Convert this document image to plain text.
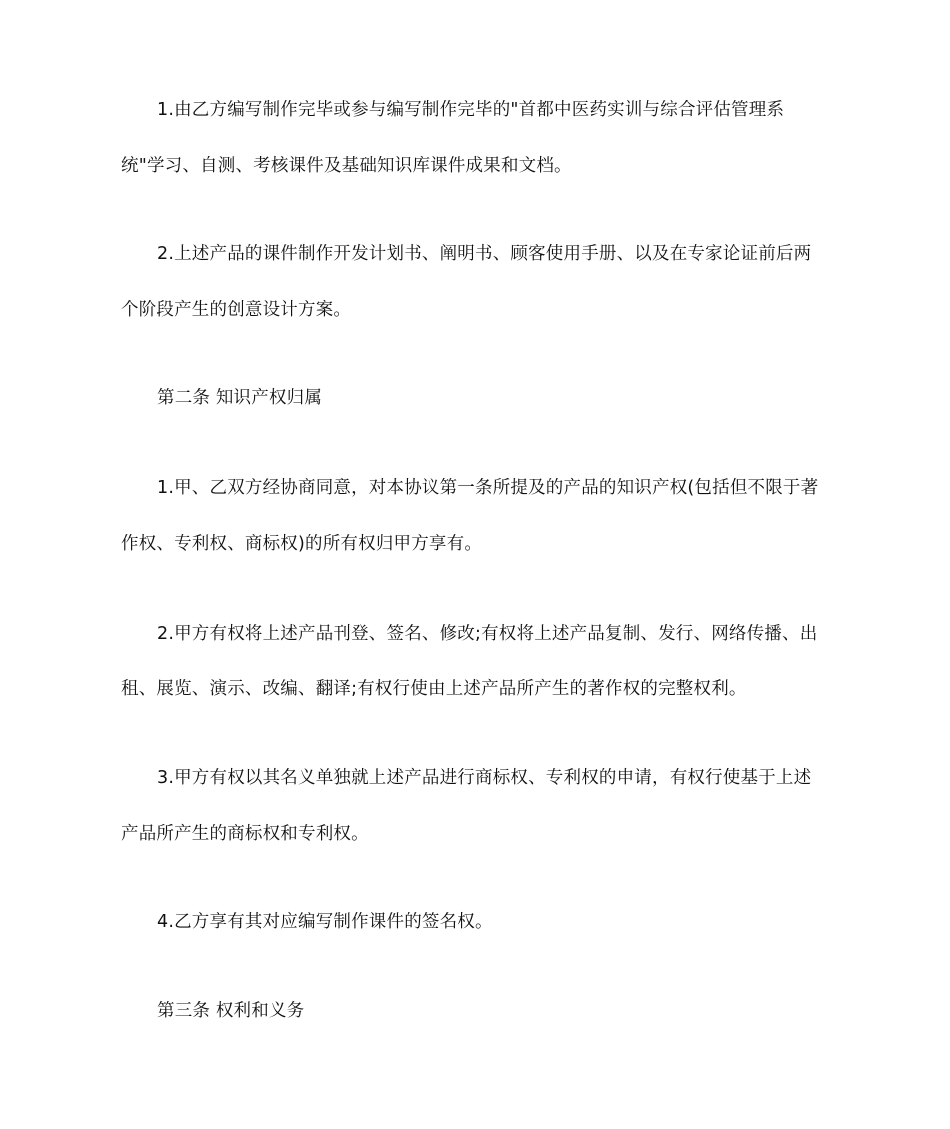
1.由乙方编写制作完毕或参与编写制作完毕的"首都中医药实训与综合评估管理系
统"学习、自测、考核课件及基础知识库课件成果和文档。
2.上述产品的课件制作开发计划书、阐明书、顾客使用手册、以及在专家论证前后两
个阶段产生的创意设计方案。
第二条 知识产权归属
1.甲、乙双方经协商同意，对本协议第一条所提及的产品的知识产权(包括但不限于著
作权、专利权、商标权)的所有权归甲方享有。
2.甲方有权将上述产品刊登、签名、修改;有权将上述产品复制、发行、网络传播、出
租、展览、演示、改编、翻译;有权行使由上述产品所产生的著作权的完整权利。
3.甲方有权以其名义单独就上述产品进行商标权、专利权的申请，有权行使基于上述
产品所产生的商标权和专利权。
4.乙方享有其对应编写制作课件的签名权。
第三条 权利和义务
